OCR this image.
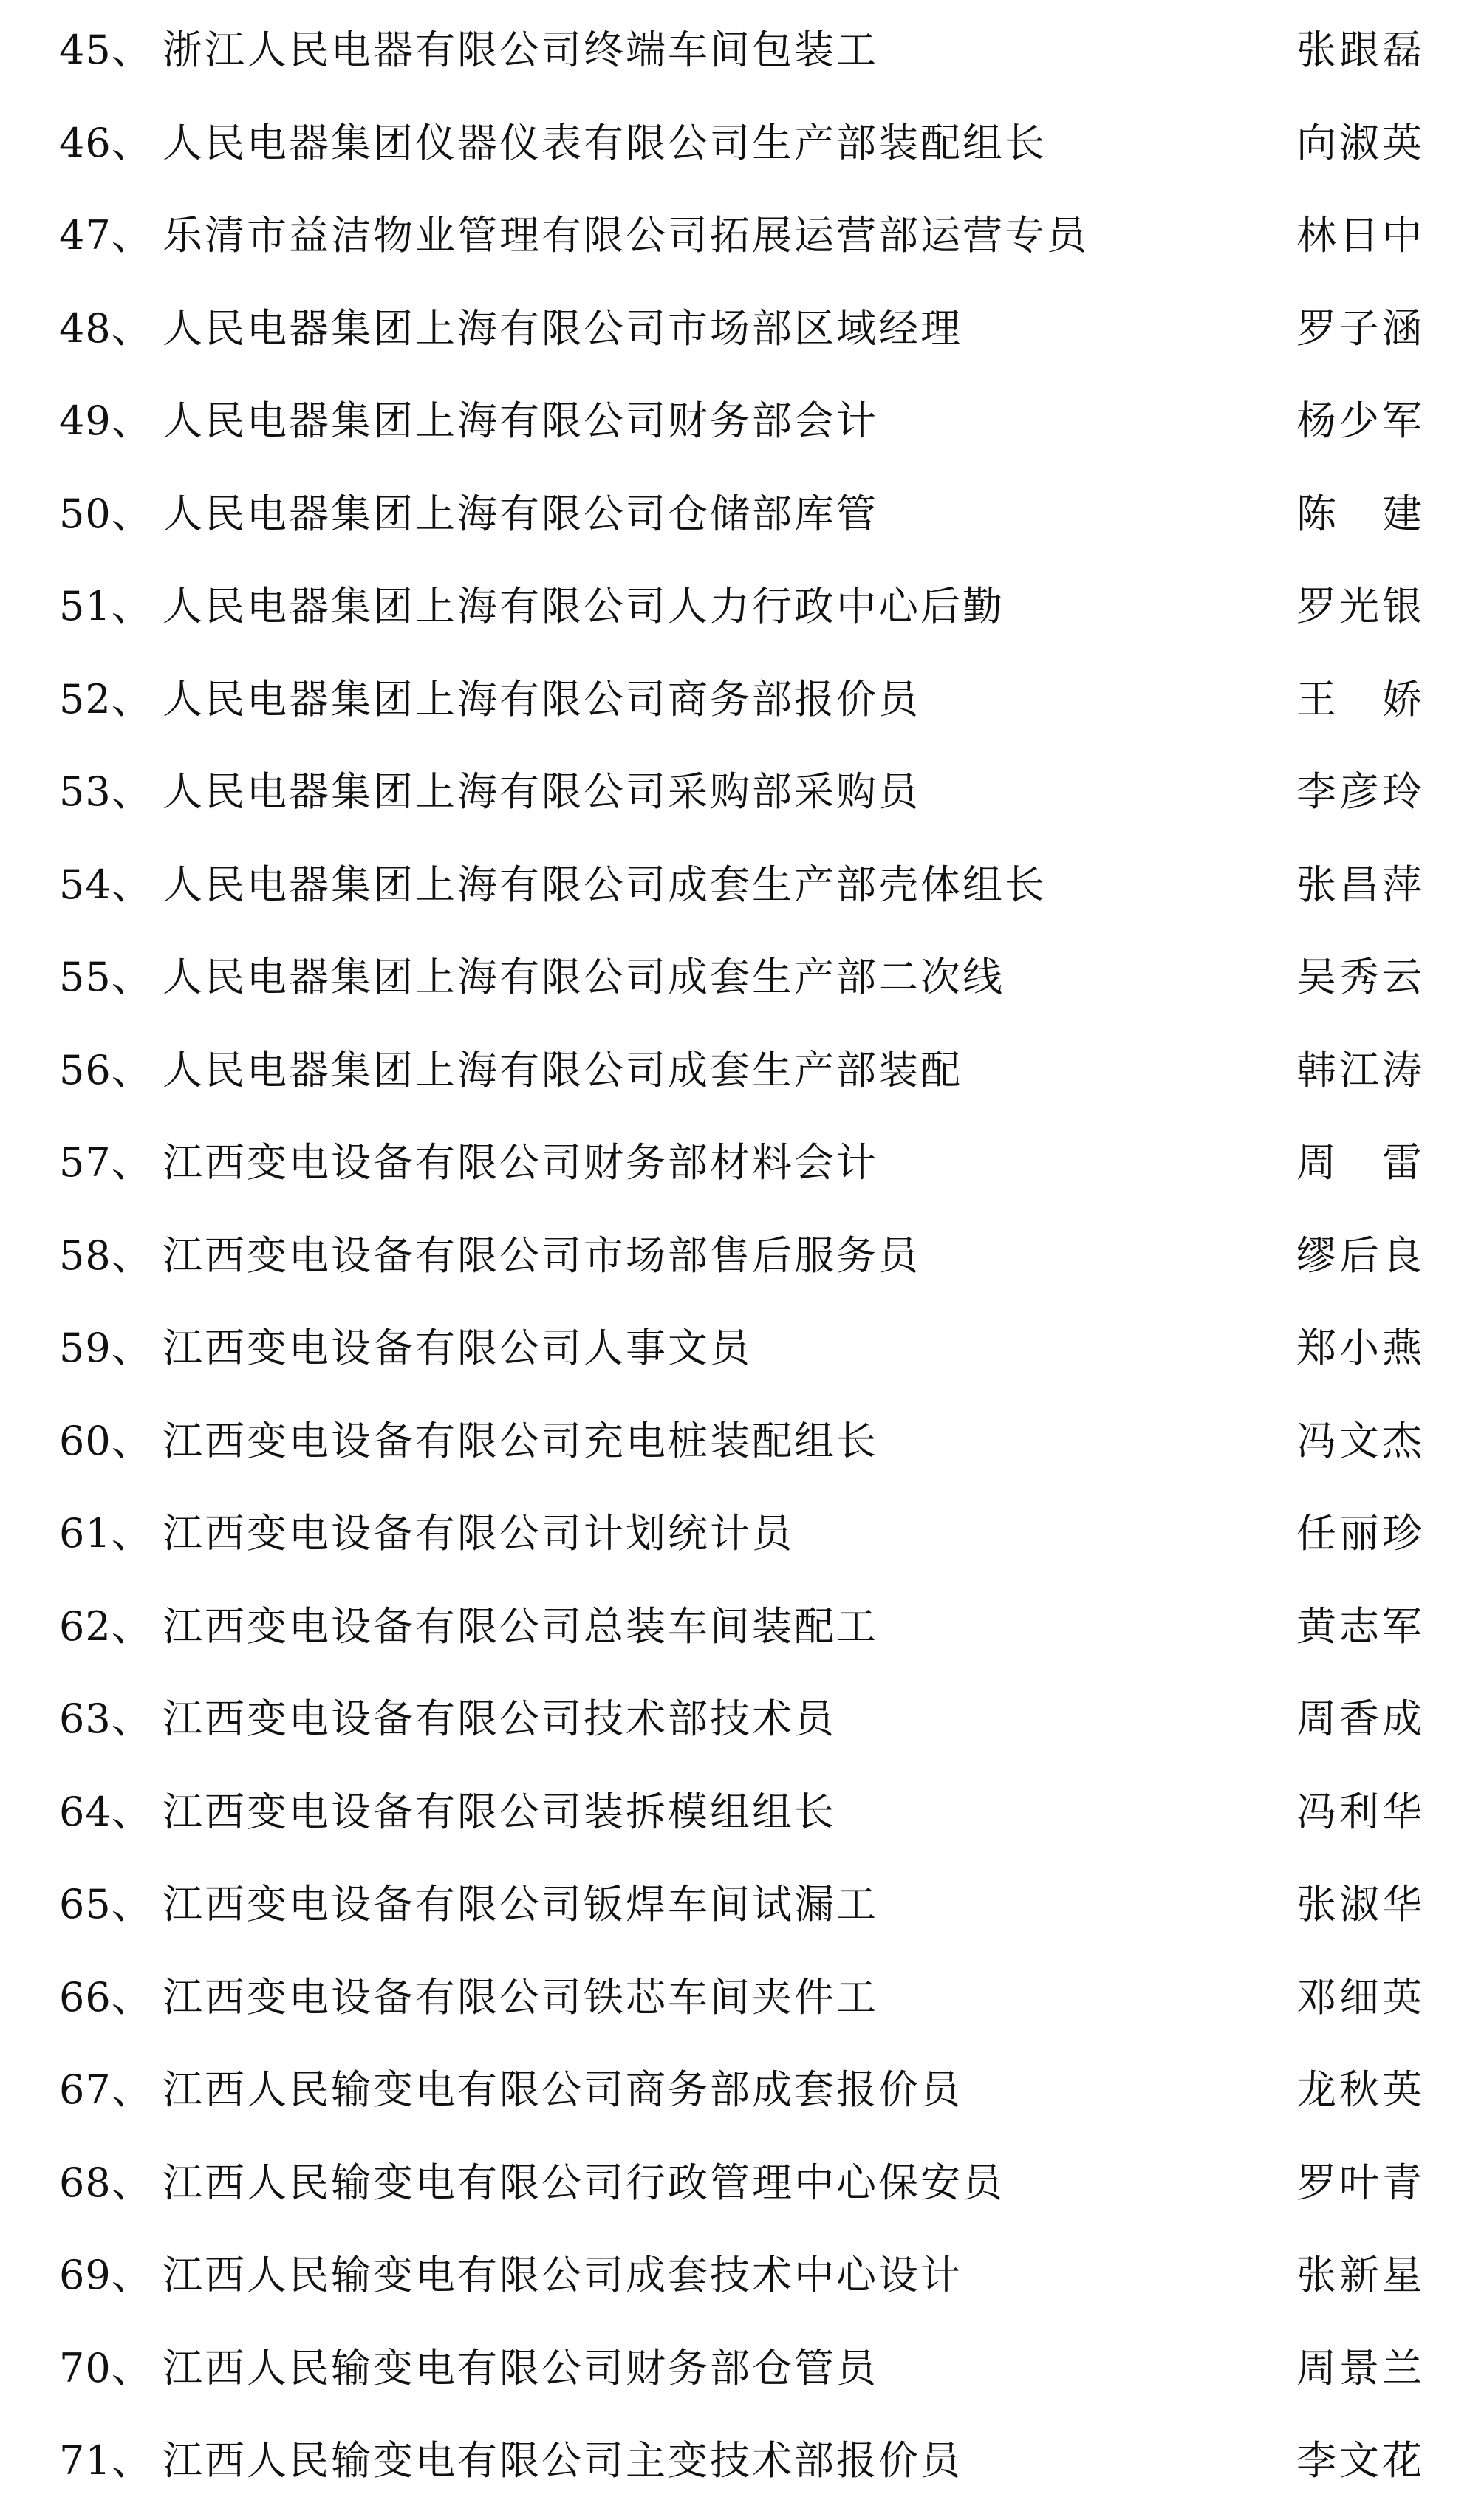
45、 浙江人民电器有限公司终端车间包装工	张跟磊
46、 人民电器集团仪器仪表有限公司生产部装配组长	向淑英
47、 乐清市益洁物业管理有限公司拓展运营部运营专员	林日中
48、 人民电器集团上海有限公司市场部区域经理	罗子涵
49、 人民电器集团上海有限公司财务部会计	杨少军
50、 人民电器集团上海有限公司仓储部库管	陈 建
51、 人民电器集团上海有限公司人力行政中心后勤	罗光银
52、 人民电器集团上海有限公司商务部报价员	王 娇
53、 人民电器集团上海有限公司采购部采购员	李彦玲
54、 人民电器集团上海有限公司成套生产部壳体组长	张昌萍
55、 人民电器集团上海有限公司成套生产部二次线	吴秀云
56、 人民电器集团上海有限公司成套生产部装配	韩江涛
57、 江西变电设备有限公司财务部材料会计	周 雷
58、 江西变电设备有限公司市场部售后服务员	缪后良
59、 江西变电设备有限公司人事文员	郑小燕
60、 江西变电设备有限公司充电桩装配组长	冯文杰
61、 江西变电设备有限公司计划统计员	任丽珍
62、 江西变电设备有限公司总装车间装配工	黄志军
63、 江西变电设备有限公司技术部技术员	周香成
64、 江西变电设备有限公司装拆模组组长	冯利华
65、 江西变电设备有限公司钣焊车间试漏工	张淑华
66、 江西变电设备有限公司铁芯车间夹件工	邓细英
67、 江西人民输变电有限公司商务部成套报价员	龙秋英
68、 江西人民输变电有限公司行政管理中心保安员	罗叶青
69、 江西人民输变电有限公司成套技术中心设计	张新星
70、 江西人民输变电有限公司财务部仓管员	周景兰
71、 江西人民输变电有限公司主变技术部报价员	李文花
